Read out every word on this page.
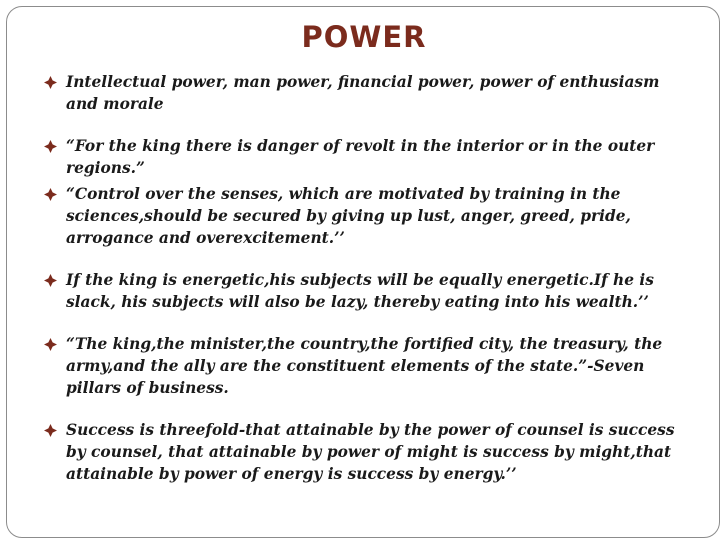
POWER
Intellectual power, man power, financial power, power of enthusiasm and morale
“For the king there is danger of revolt in the interior or in the outer regions.”
“Control over the senses, which are motivated by training in the sciences,should be secured by giving up lust, anger, greed, pride, arrogance and overexcitement.’’
If the king is energetic,his subjects will be equally energetic.If he is slack, his subjects will also be lazy, thereby eating into his wealth.’’
“The king,the minister,the country,the fortified city, the treasury, the army,and the ally are the constituent elements of the state.”-Seven pillars of business.
Success is threefold-that attainable by the power of counsel is success by counsel, that attainable by power of might is success by might,that attainable by power of energy is success by energy.’’
